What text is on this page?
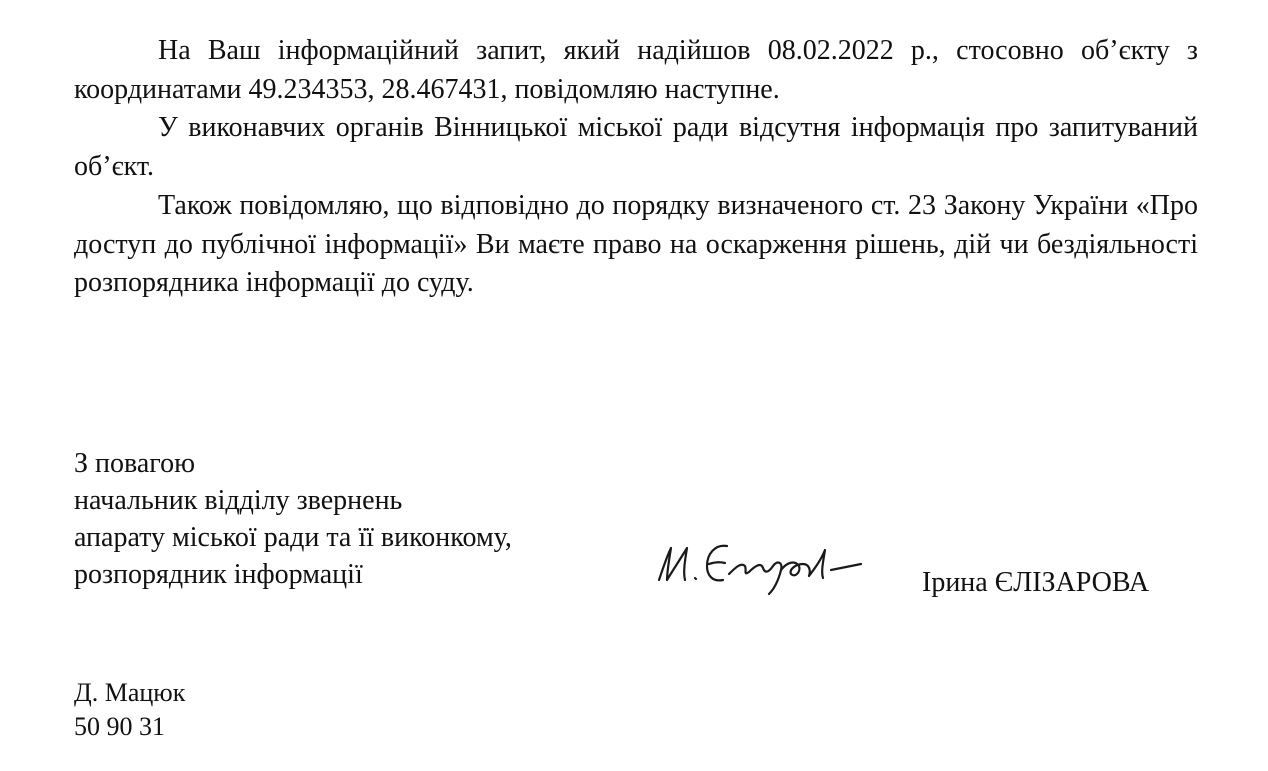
На Ваш інформаційний запит, який надійшов 08.02.2022 р., стосовно об’єкту з координатами 49.234353, 28.467431, повідомляю наступне.

У виконавчих органів Вінницької міської ради відсутня інформація про запитуваний об’єкт.

Також повідомляю, що відповідно до порядку визначеного ст. 23 Закону України «Про доступ до публічної інформації» Ви маєте право на оскарження рішень, дій чи бездіяльності розпорядника інформації до суду.

З повагою
начальник відділу звернень
апарату міської ради та її виконкому,
розпорядник інформації	Ірина ЄЛІЗАРОВА
Д. Мацюк
50 90 31
